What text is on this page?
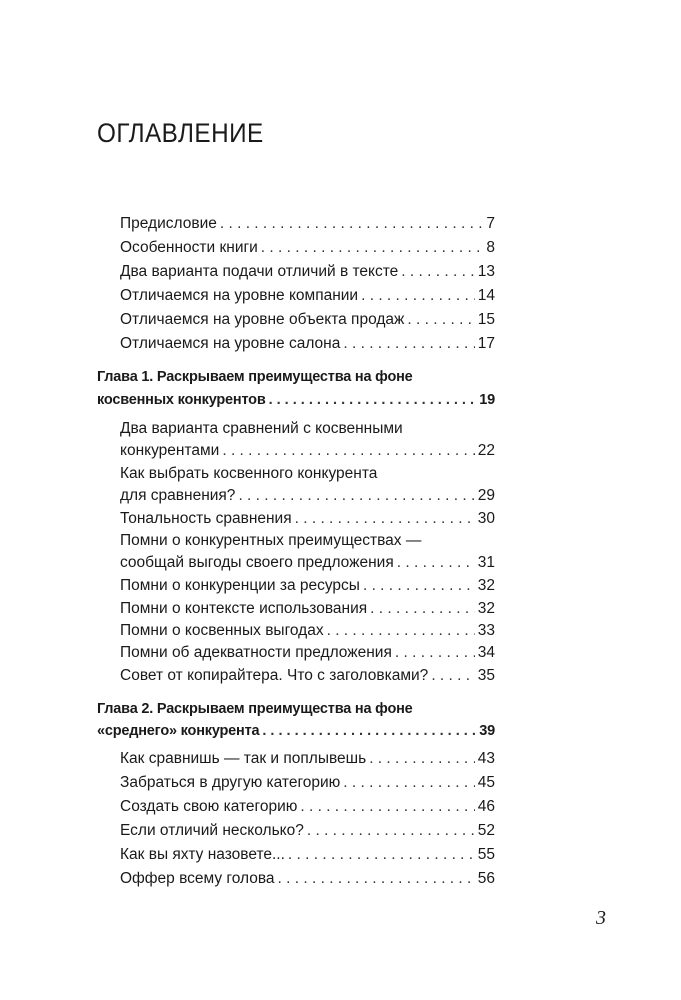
ОГЛАВЛЕНИЕ
Предисловие . . .	7
Особенности книги . . .	8
Два варианта подачи отличий в тексте . . .	13
Отличаемся на уровне компании . . .	14
Отличаемся на уровне объекта продаж . . .	15
Отличаемся на уровне салона . . .	17
Глава 1. Раскрываем преимущества на фоне
косвенных конкурентов . . .	19
Два варианта сравнений с косвенными
конкурентами . . .	22
Как выбрать косвенного конкурента
для сравнения? . . .	29
Тональность сравнения . . .	30
Помни о конкурентных преимуществах —
сообщай выгоды своего предложения . . .	31
Помни о конкуренции за ресурсы . . .	32
Помни о контексте использования . . .	32
Помни о косвенных выгодах . . .	33
Помни об адекватности предложения . . .	34
Совет от копирайтера. Что с заголовками? . . .	35
Глава 2. Раскрываем преимущества на фоне
«среднего» конкурента . . .	39
Как сравнишь — так и поплывешь . . .	43
Забраться в другую категорию . . .	45
Создать свою категорию . . .	46
Если отличий несколько? . . .	52
Как вы яхту назовете... . . .	55
Оффер всему голова . . .	56
3
